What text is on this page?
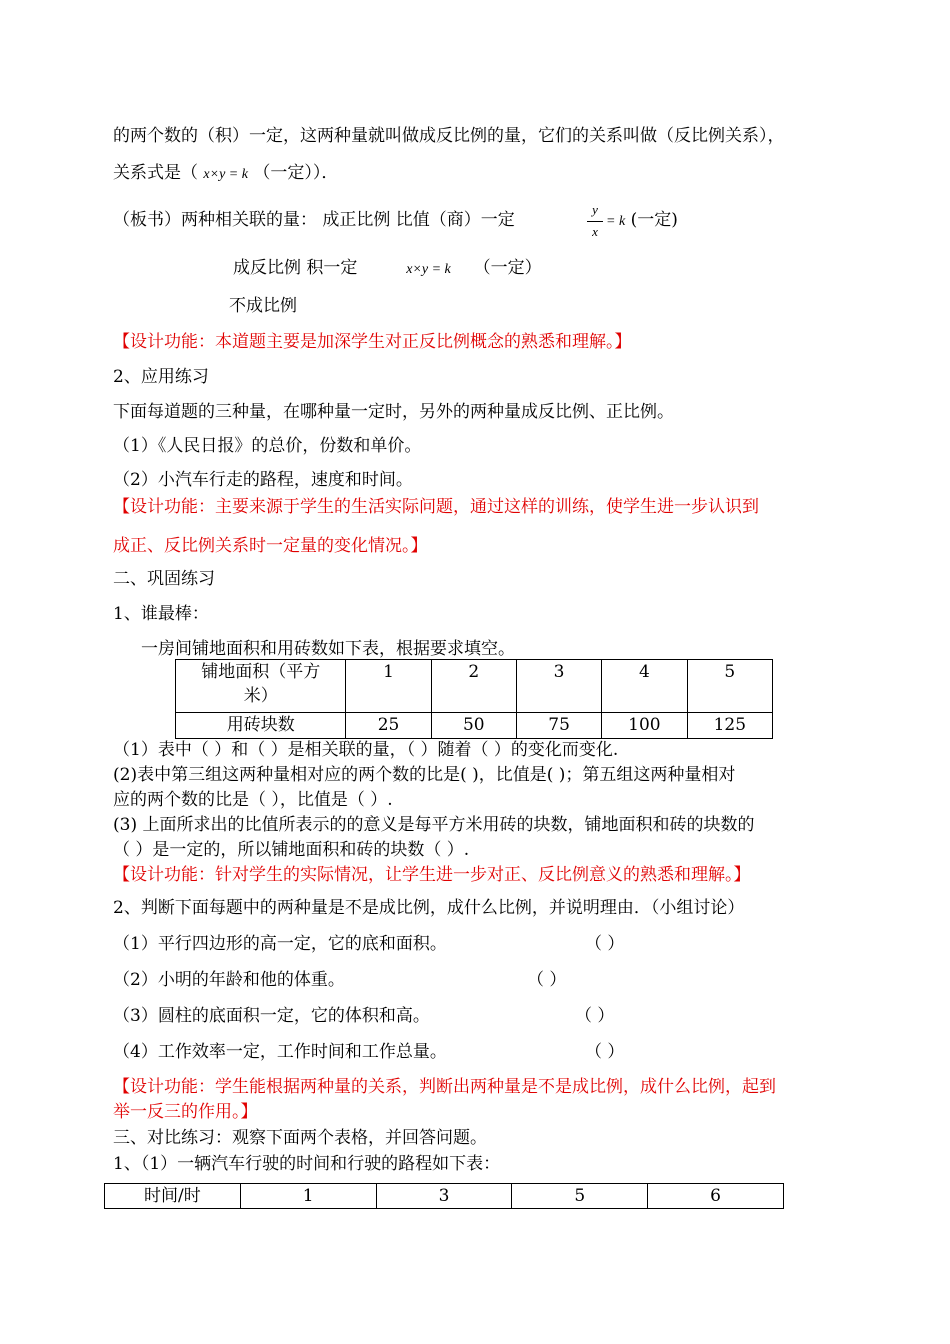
的两个数的（积）一定，这两种量就叫做成反比例的量，它们的关系叫做（反比例关系），
关系式是（ x×y = k （一定））．
（板书）两种相关联的量： 成正比例 比值（商）一定
y
x
= k (一定)
成反比例 积一定	x×y = k （一定）
不成比例
【设计功能：本道题主要是加深学生对正反比例概念的熟悉和理解。】
2、应用练习
下面每道题的三种量，在哪种量一定时，另外的两种量成反比例、正比例。
（1）《人民日报》的总价，份数和单价。
（2）小汽车行走的路程，速度和时间。
【设计功能：主要来源于学生的生活实际问题，通过这样的训练，使学生进一步认识到
成正、反比例关系时一定量的变化情况。】
二、巩固练习
1、谁最棒：
一房间铺地面积和用砖数如下表，根据要求填空。
铺地面积（平方
米）	1	2	3	4	5
用砖块数	25	50	75	100	125
（1）表中（ ）和（ ）是相关联的量，（ ）随着（ ）的变化而变化.
(2)表中第三组这两种量相对应的两个数的比是( )，比值是( )；第五组这两种量相对
应的两个数的比是（ ），比值是（ ）.
(3) 上面所求出的比值所表示的的意义是每平方米用砖的块数，铺地面积和砖的块数的
（ ）是一定的，所以铺地面积和砖的块数（ ）.
【设计功能：针对学生的实际情况，让学生进一步对正、反比例意义的熟悉和理解。】
2、判断下面每题中的两种量是不是成比例，成什么比例，并说明理由．（小组讨论）
（1）平行四边形的高一定，它的底和面积。	（ ）
（2）小明的年龄和他的体重。	（ ）
（3）圆柱的底面积一定，它的体积和高。	（ ）
（4）工作效率一定，工作时间和工作总量。	（ ）
【设计功能：学生能根据两种量的关系，判断出两种量是不是成比例，成什么比例，起到
举一反三的作用。】
三、对比练习：观察下面两个表格，并回答问题。
1、（1）一辆汽车行驶的时间和行驶的路程如下表：
时间/时	1	3	5	6
